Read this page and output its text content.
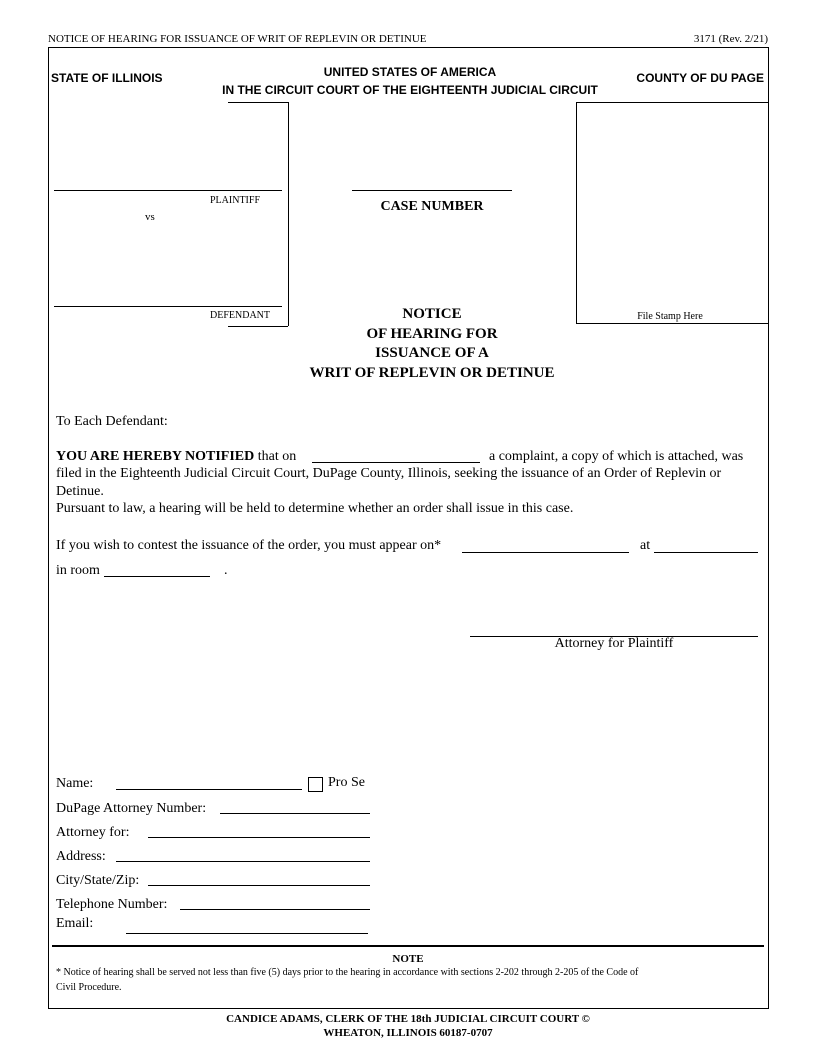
NOTICE OF HEARING FOR ISSUANCE OF WRIT OF REPLEVIN OR DETINUE	3171 (Rev. 2/21)
STATE OF ILLINOIS	UNITED STATES OF AMERICA
IN THE CIRCUIT COURT OF THE EIGHTEENTH JUDICIAL CIRCUIT
COUNTY OF DU PAGE
PLAINTIFF
vs
DEFENDANT
CASE NUMBER
File Stamp Here
NOTICE
OF HEARING FOR
ISSUANCE OF A
WRIT OF REPLEVIN OR DETINUE
To Each Defendant:
YOU ARE HEREBY NOTIFIED that on	a complaint, a copy of which is attached, was
filed in the Eighteenth Judicial Circuit Court, DuPage County, Illinois, seeking the issuance of an Order of Replevin or
Detinue.
Pursuant to law, a hearing will be held to determine whether an order shall issue in this case.
If you wish to contest the issuance of the order, you must appear on*	at
in room	.
Attorney for Plaintiff
Name:	Pro Se
DuPage Attorney Number:
Attorney for:
Address:
City/State/Zip:
Telephone Number:
Email:
NOTE
* Notice of hearing shall be served not less than five (5) days prior to the hearing in accordance with sections 2-202 through 2-205 of the Code of
Civil Procedure.
CANDICE ADAMS, CLERK OF THE 18th JUDICIAL CIRCUIT COURT ©
WHEATON, ILLINOIS 60187-0707
